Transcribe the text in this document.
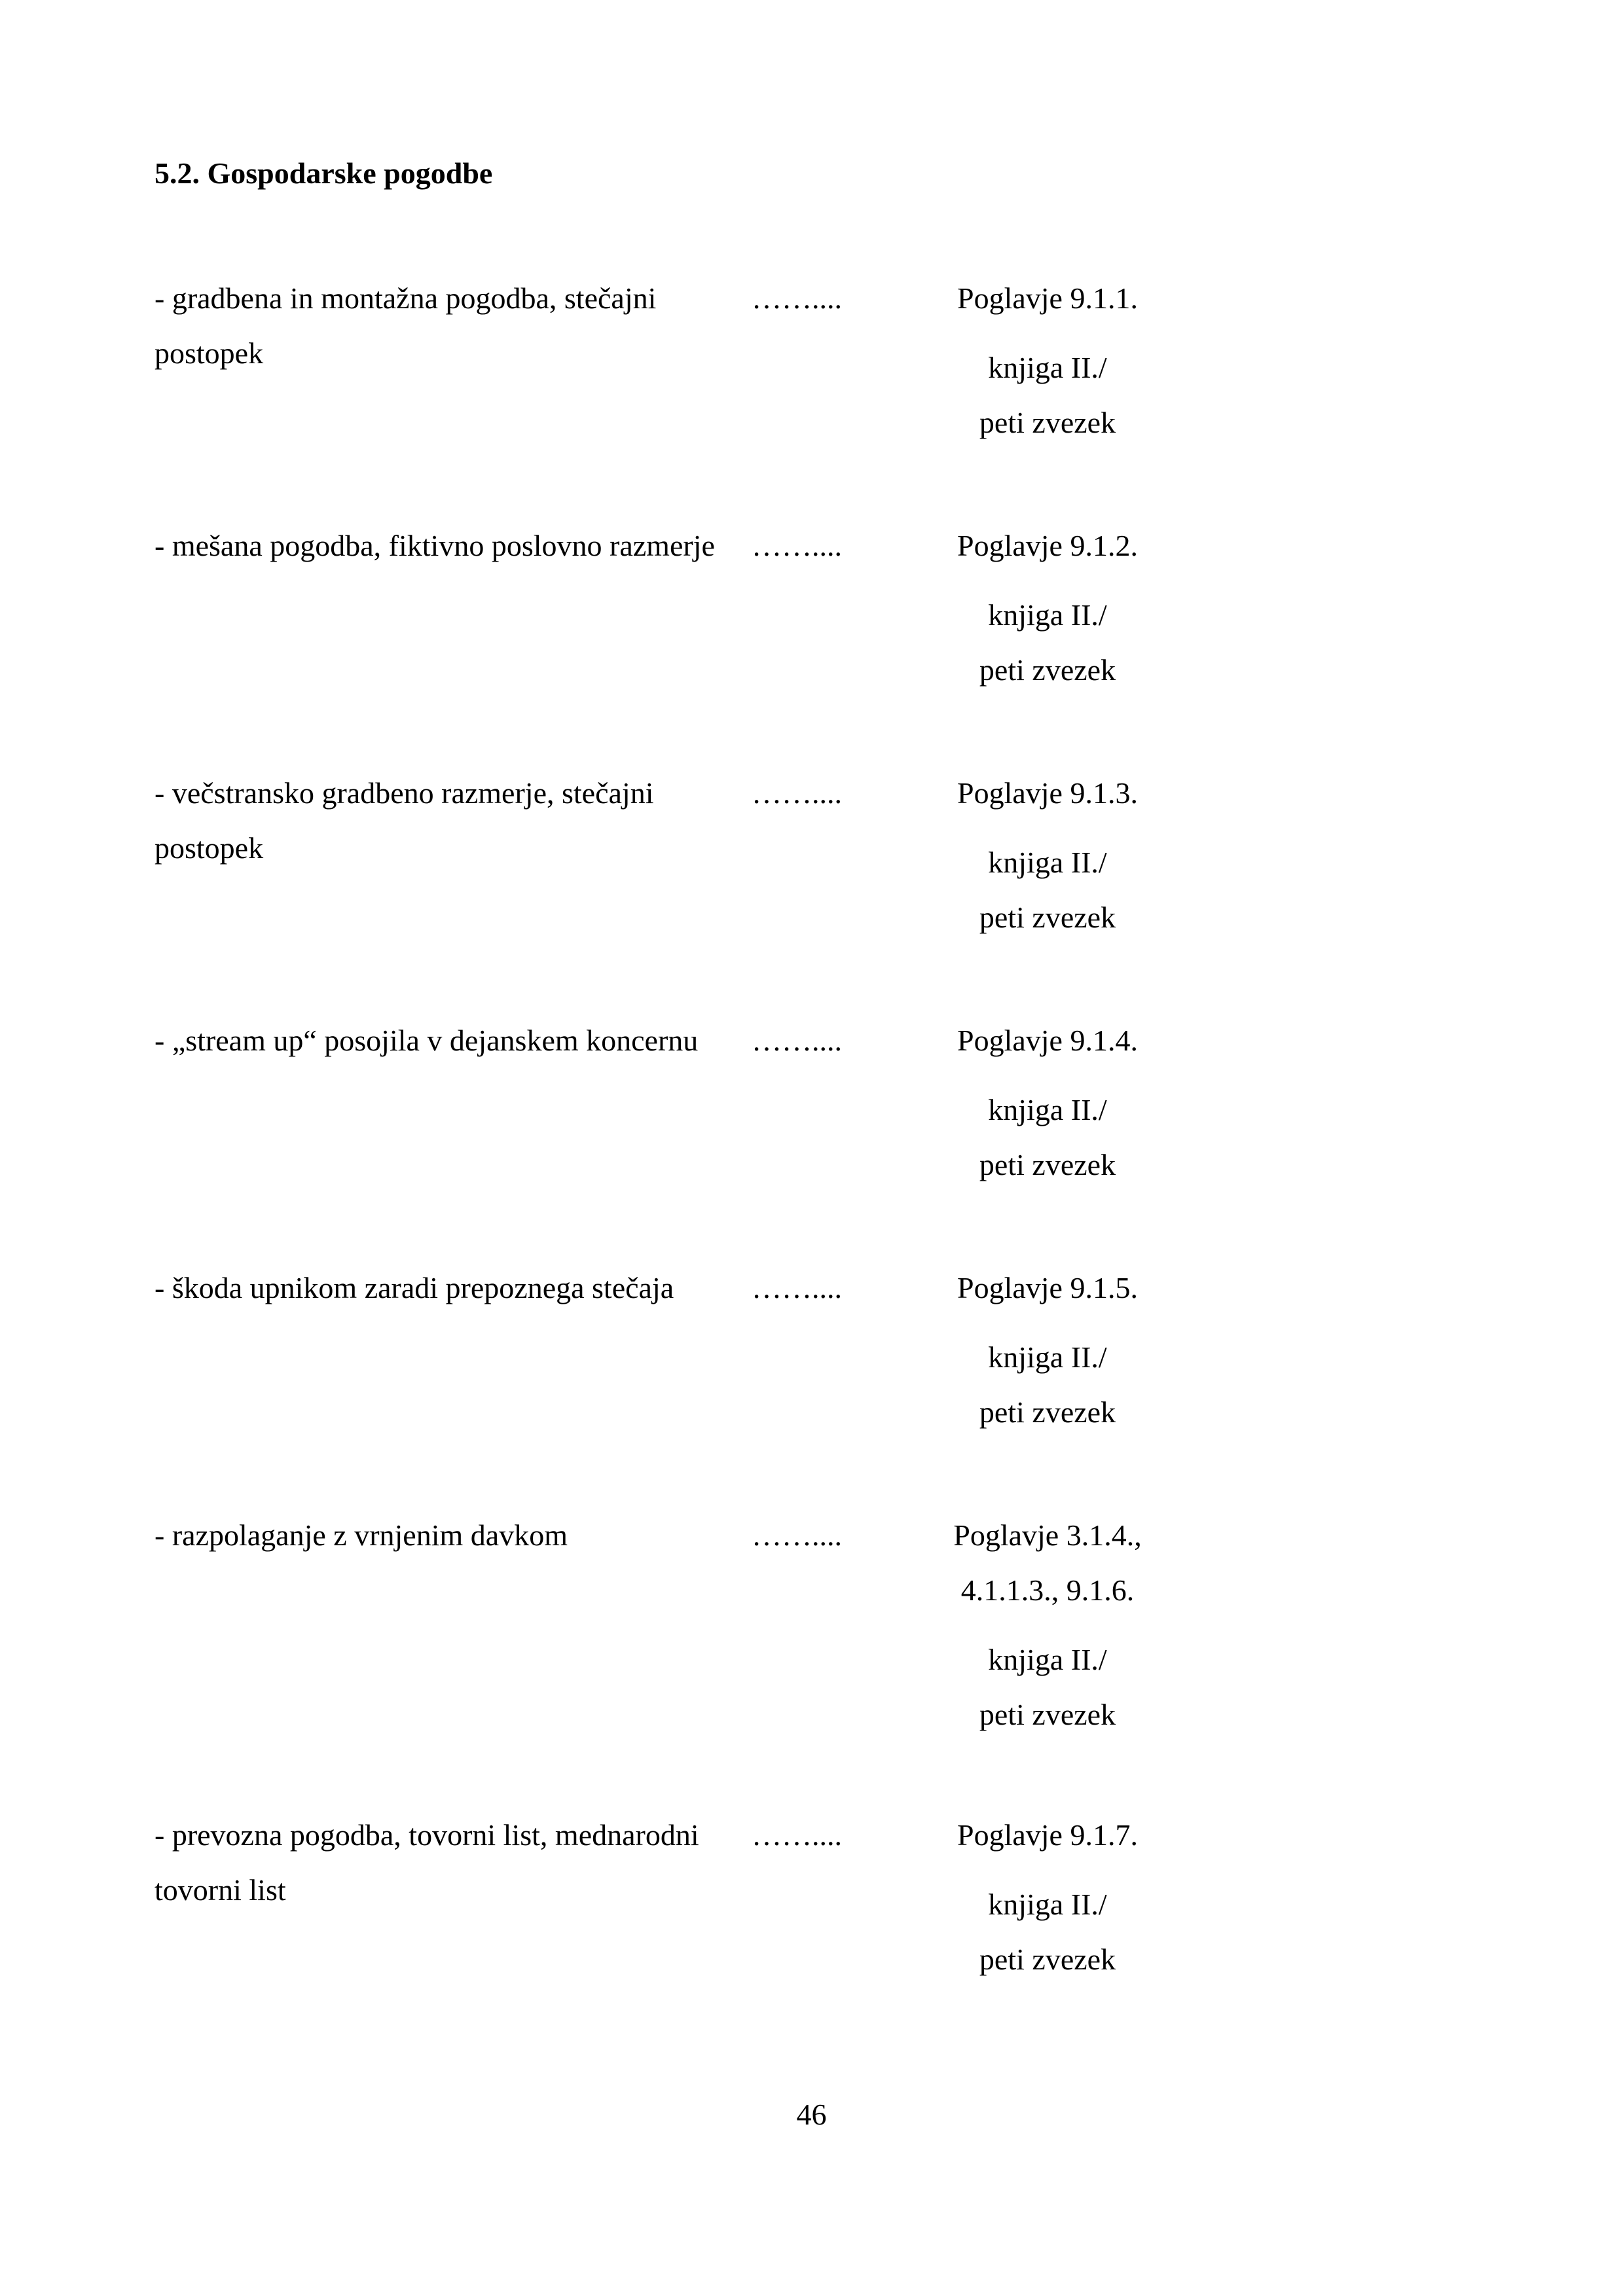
5.2. Gospodarske pogodbe
- gradbena in montažna pogodba, stečajni postopek
……....	Poglavje 9.1.1.
knjiga II./
peti zvezek
- mešana pogodba, fiktivno poslovno razmerje	……....	Poglavje 9.1.2.
knjiga II./
peti zvezek
- večstransko gradbeno razmerje, stečajni postopek
……....	Poglavje 9.1.3.
knjiga II./
peti zvezek
- „stream up“ posojila v dejanskem koncernu	……....	Poglavje 9.1.4.
knjiga II./
peti zvezek
- škoda upnikom zaradi prepoznega stečaja	……....	Poglavje 9.1.5.
knjiga II./
peti zvezek
- razpolaganje z vrnjenim davkom	……....	Poglavje 3.1.4.,
4.1.1.3., 9.1.6.
knjiga II./
peti zvezek
- prevozna pogodba, tovorni list, mednarodni tovorni list
……....	Poglavje 9.1.7.
knjiga II./
peti zvezek
46
